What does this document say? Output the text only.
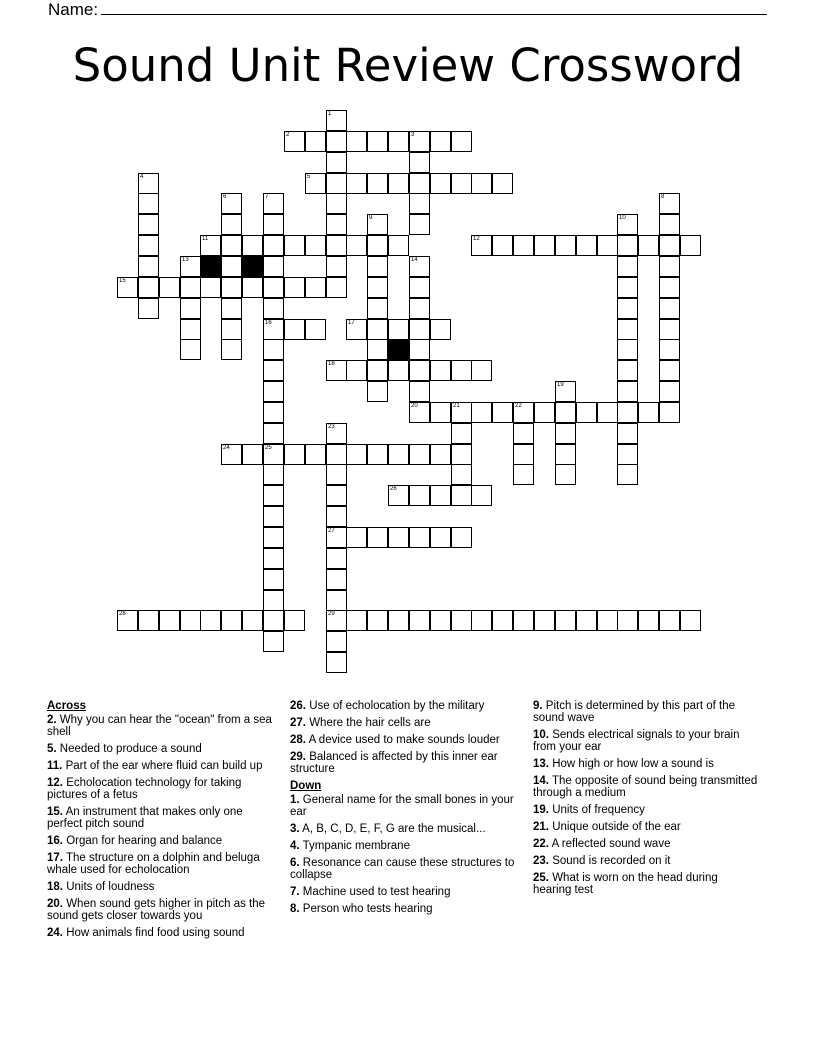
Name:
Sound Unit Review Crossword
2	3
5
11	12
15
16	17
18
20	21	22
24	25
26
27
28	29
1
4
6	7	8
9	10
13	14
19
23
Across
2. Why you can hear the "ocean" from a sea shell
5. Needed to produce a sound
11. Part of the ear where fluid can build up
12. Echolocation technology for taking pictures of a fetus
15. An instrument that makes only one perfect pitch sound
16. Organ for hearing and balance
17. The structure on a dolphin and beluga whale used for echolocation
18. Units of loudness
20. When sound gets higher in pitch as the sound gets closer towards you
24. How animals find food using sound
26. Use of echolocation by the military
27. Where the hair cells are
28. A device used to make sounds louder
29. Balanced is affected by this inner ear structure
Down
1. General name for the small bones in your ear
3. A, B, C, D, E, F, G are the musical...
4. Tympanic membrane
6. Resonance can cause these structures to collapse
7. Machine used to test hearing
8. Person who tests hearing
9. Pitch is determined by this part of the sound wave
10. Sends electrical signals to your brain from your ear
13. How high or how low a sound is
14. The opposite of sound being transmitted through a medium
19. Units of frequency
21. Unique outside of the ear
22. A reflected sound wave
23. Sound is recorded on it
25. What is worn on the head during hearing test
